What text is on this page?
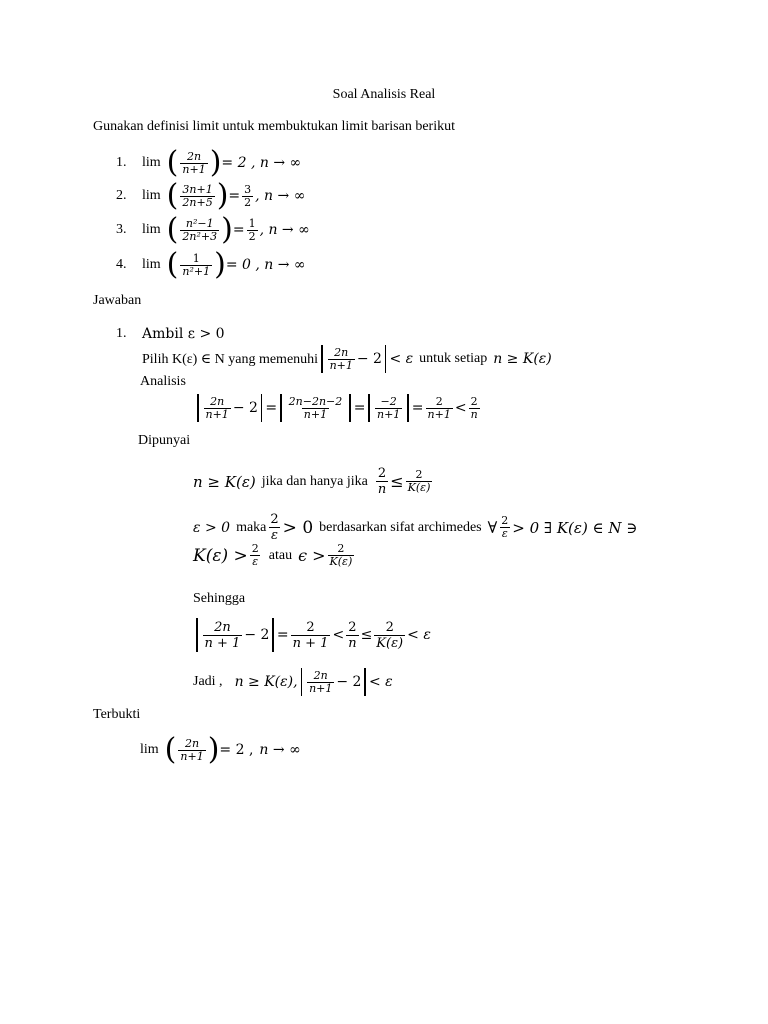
Soal Analisis Real
Gunakan definisi limit untuk membuktukan limit barisan berikut
1.	lim ( $\frac{2n}{n+1}$ ) = 2 , n → ∞
2.	lim ( $\frac{3n+1}{2n+5}$ ) = $\frac{3}{2}$ , n → ∞
3.	lim ( $\frac{\text{n²−1}}{\text{2n²+3}}$ ) = $\frac{1}{2}$ , n → ∞
4.	lim ( $\frac{1}{\text{n²+1}}$ ) = 0 , n → ∞
Jawaban
1. Ambil ε > 0
Pilih K(ε) ∈ N yang memenuhi $\frac{2n}{n+1} - 2 < \varepsilon$ untuk setiap n ≥ K(ε)
Analisis
$\frac{2n}{n+1} - 2 = \frac{2n-2n-2}{n+1} = \frac{-2}{n+1} = \frac{2}{n+1} < \frac{2}{n}$
Dipunyai
n ≥ K(ε) jika dan hanya jika $\frac{2}{n} \le \frac{2}{K(\varepsilon)}$
ε > 0 maka $\frac{2}{\varepsilon} > 0$ berdasarkan sifat archimedes ∀ $\frac{2}{\varepsilon} > 0$ ∃ K(ε) ∈ N ∋
$K(\varepsilon) > \frac{2}{\varepsilon}$ atau $\epsilon > \frac{2}{K(\varepsilon)}$
Sehingga
$\frac{2n}{n + 1} - 2 = \frac{2}{n + 1} < \frac{2}{n} \le \frac{2}{K(\varepsilon)} < \varepsilon$
Jadi , n ≥ K(ε), $\frac{2n}{n+1} - 2 < \varepsilon$
Terbukti
lim ( $\frac{2n}{n+1}$ ) = 2 , n → ∞
